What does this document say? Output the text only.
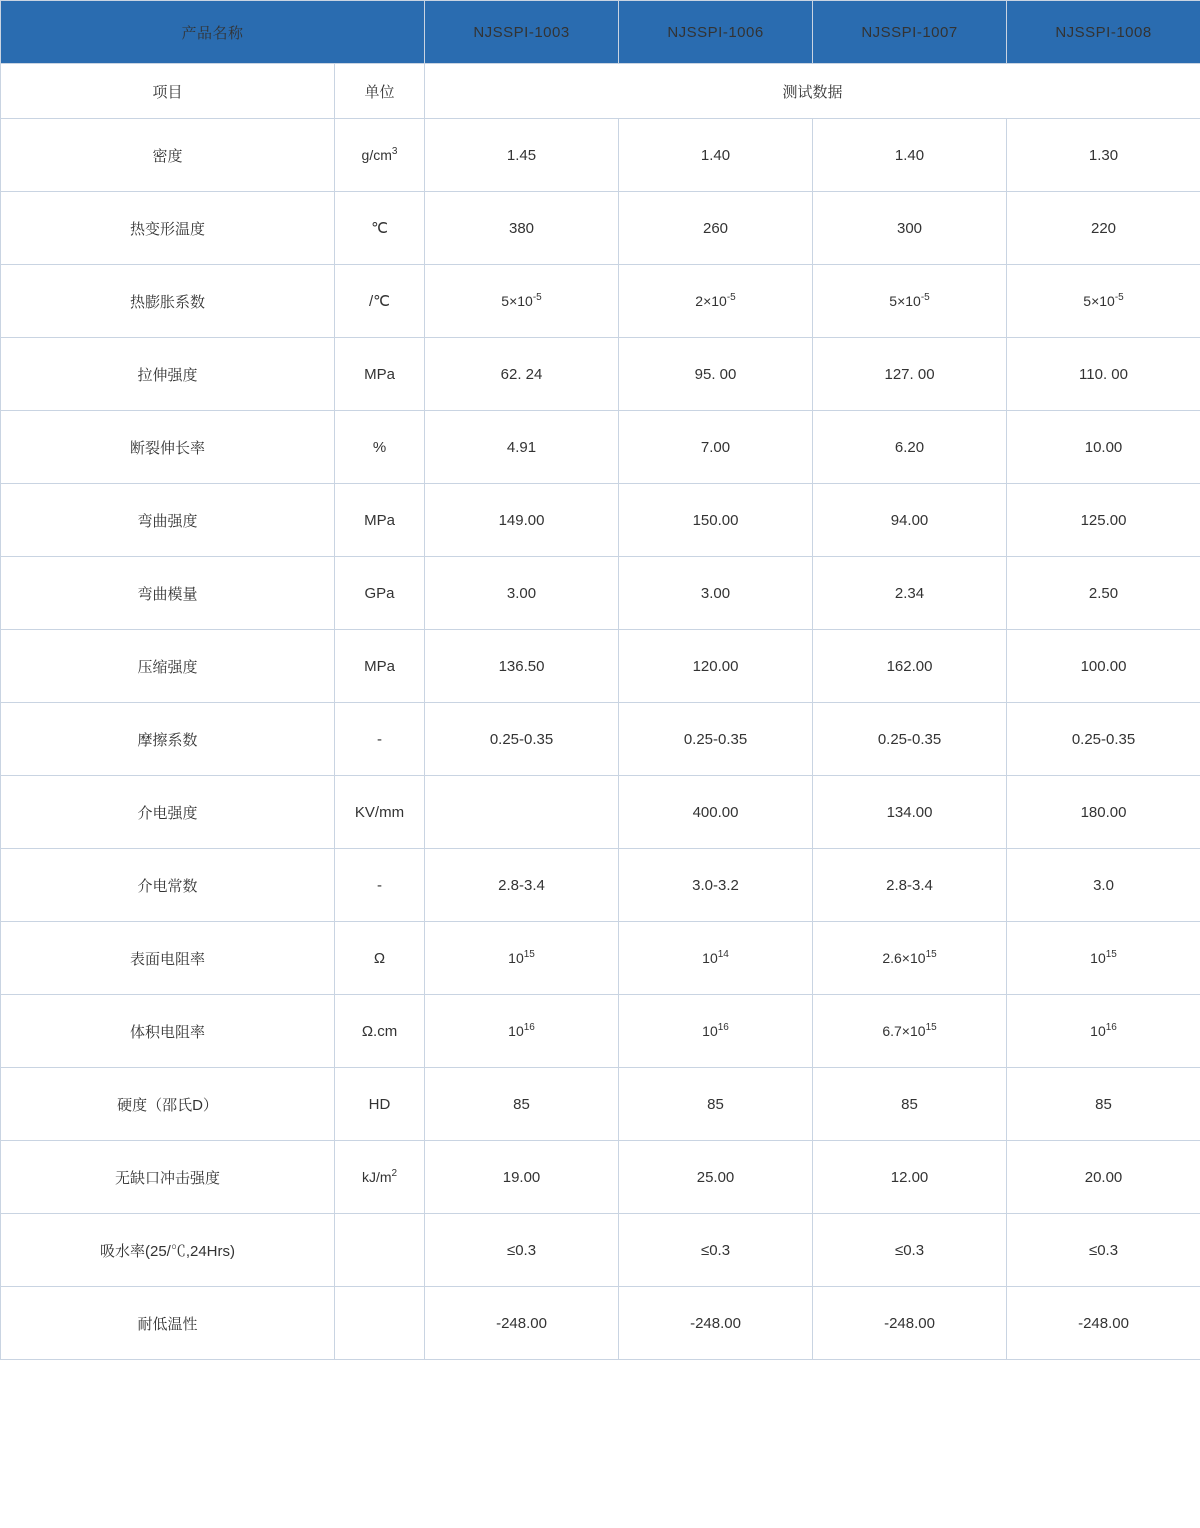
产品名称		NJSSPI-1003	NJSSPI-1006	NJSSPI-1007	NJSSPI-1008
项目	单位	测试数据			
密度	$g/cm^3$	1.45	1.40	1.40	1.30
热变形温度	℃	380	260	300	220
热膨胀系数	/℃	$5\times 10^{-5}$	$2\times 10^{-5}$	$5\times 10^{-5}$	$5\times 10^{-5}$
拉伸强度	MPa	62. 24	95. 00	127. 00	110. 00
断裂伸长率	%	4.91	7.00	6.20	10.00
弯曲强度	MPa	149.00	150.00	94.00	125.00
弯曲模量	GPa	3.00	3.00	2.34	2.50
压缩强度	MPa	136.50	120.00	162.00	100.00
摩擦系数	-	0.25-0.35	0.25-0.35	0.25-0.35	0.25-0.35
介电强度	KV/mm		400.00	134.00	180.00
介电常数	-	2.8-3.4	3.0-3.2	2.8-3.4	3.0
表面电阻率	Ω	$10^{15}$	$10^{14}$	$2.6\times 10^{15}$	$10^{15}$
体积电阻率	Ω.cm	$10^{16}$	$10^{16}$	$6.7\times 10^{15}$	$10^{16}$
硬度（邵氏D）	HD	85	85	85	85
无缺口冲击强度	$kJ/m^2$	19.00	25.00	12.00	20.00
吸水率(25/℃,24Hrs)		≤0.3	≤0.3	≤0.3	≤0.3
耐低温性		-248.00	-248.00	-248.00	-248.00
